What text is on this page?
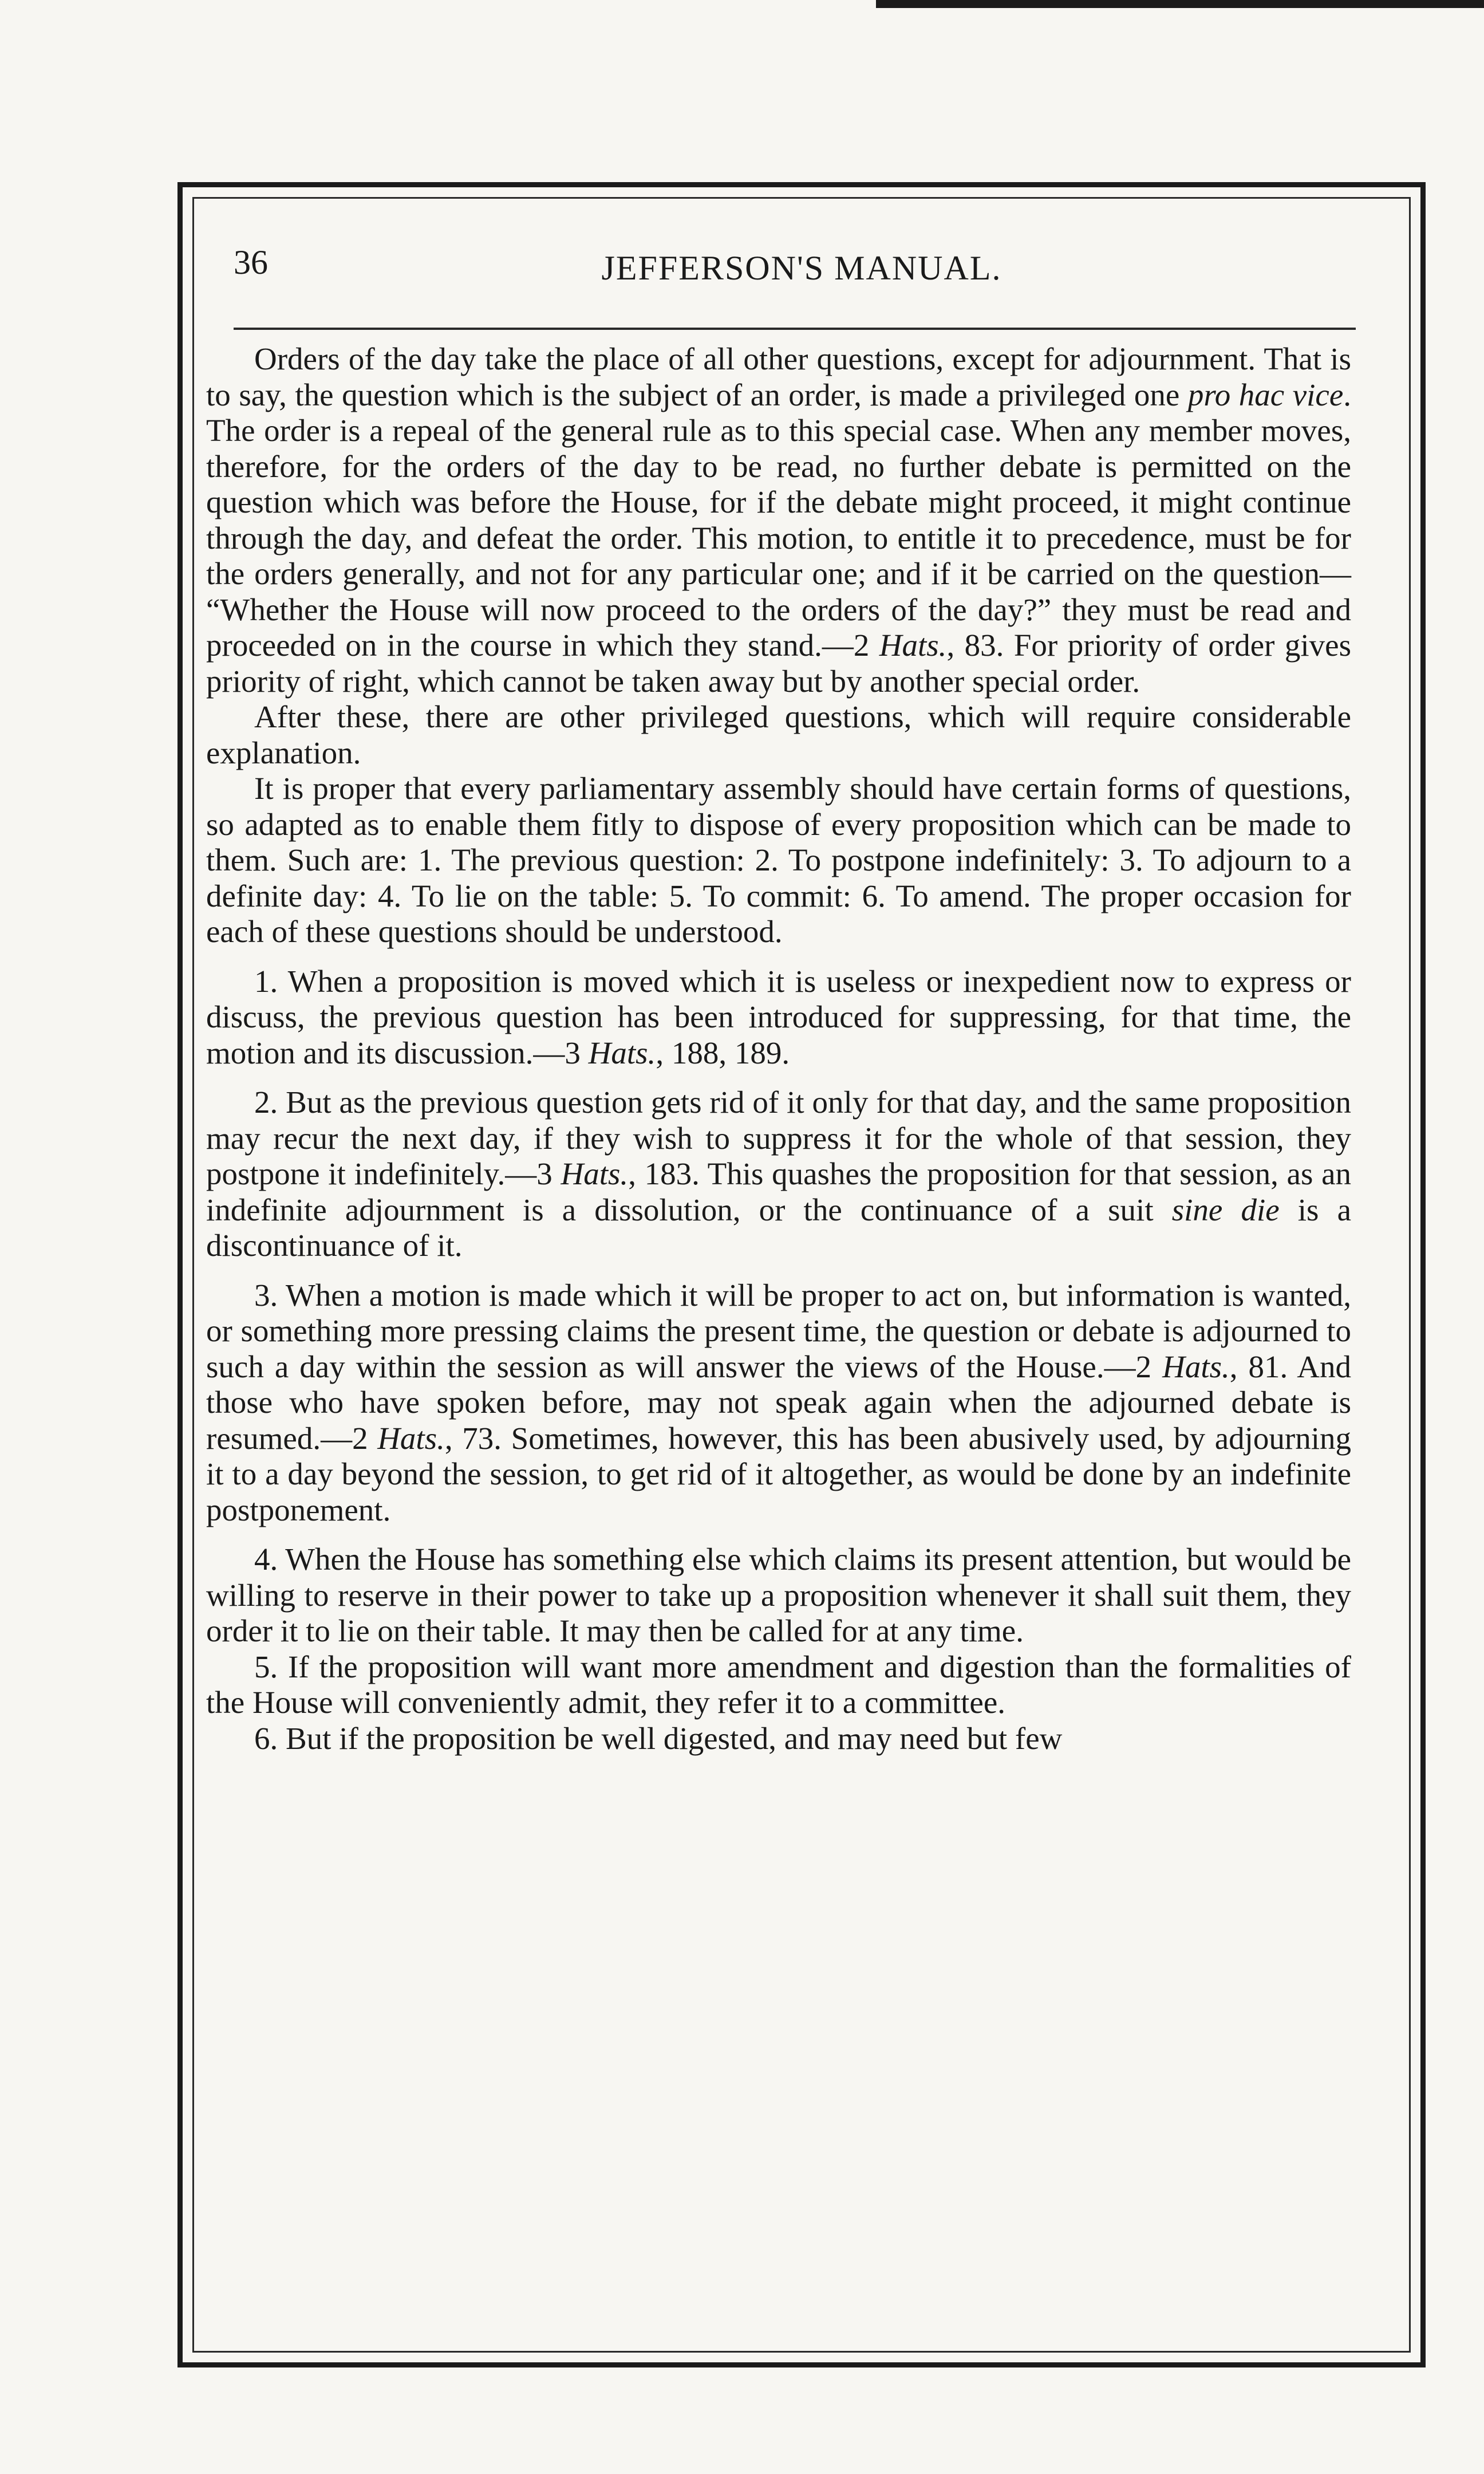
36	JEFFERSON'S MANUAL.

Orders of the day take the place of all other questions, except for adjournment. That is to say, the question which is the subject of an order, is made a privileged one pro hac vice. The order is a repeal of the general rule as to this special case. When any member moves, therefore, for the orders of the day to be read, no further debate is permitted on the question which was before the House, for if the debate might proceed, it might continue through the day, and defeat the order. This motion, to entitle it to precedence, must be for the orders generally, and not for any particular one; and if it be carried on the question— “Whether the House will now proceed to the orders of the day?” they must be read and proceeded on in the course in which they stand.—2 Hats., 83. For priority of order gives priority of right, which cannot be taken away but by another special order.

After these, there are other privileged questions, which will require considerable explanation.

It is proper that every parliamentary assembly should have certain forms of questions, so adapted as to enable them fitly to dispose of every proposition which can be made to them. Such are: 1. The previous question: 2. To postpone indefinitely: 3. To adjourn to a definite day: 4. To lie on the table: 5. To commit: 6. To amend. The proper occasion for each of these questions should be understood.

1. When a proposition is moved which it is useless or inexpedient now to express or discuss, the previous question has been introduced for suppressing, for that time, the motion and its discussion.—3 Hats., 188, 189.

2. But as the previous question gets rid of it only for that day, and the same proposition may recur the next day, if they wish to suppress it for the whole of that session, they postpone it indefinitely.—3 Hats., 183. This quashes the proposition for that session, as an indefinite adjournment is a dissolution, or the continuance of a suit sine die is a discontinuance of it.

3. When a motion is made which it will be proper to act on, but information is wanted, or something more pressing claims the present time, the question or debate is adjourned to such a day within the session as will answer the views of the House.—2 Hats., 81. And those who have spoken before, may not speak again when the adjourned debate is resumed.—2 Hats., 73. Sometimes, however, this has been abusively used, by adjourning it to a day beyond the session, to get rid of it altogether, as would be done by an indefinite postponement.

4. When the House has something else which claims its present attention, but would be willing to reserve in their power to take up a proposition whenever it shall suit them, they order it to lie on their table. It may then be called for at any time.

5. If the proposition will want more amendment and digestion than the formalities of the House will conveniently admit, they refer it to a committee.

6. But if the proposition be well digested, and may need but few
